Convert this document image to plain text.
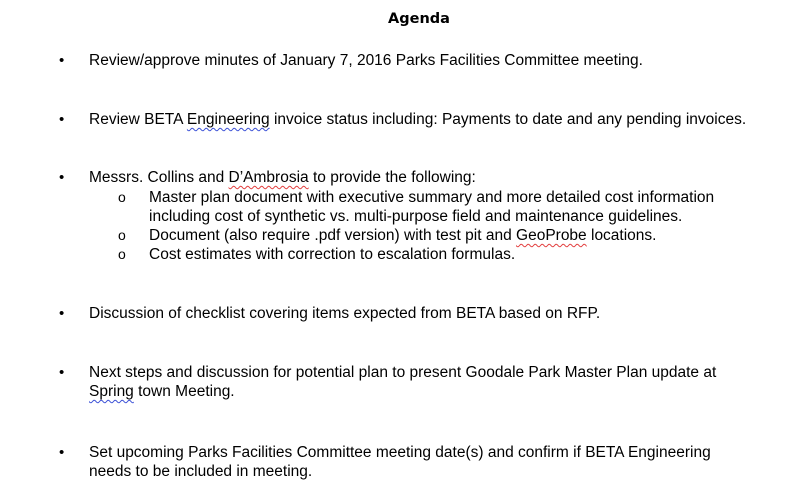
Agenda
• Review/approve minutes of January 7, 2016 Parks Facilities Committee meeting.
• Review BETA Engineering invoice status including: Payments to date and any pending invoices.
• Messrs. Collins and D’Ambrosia to provide the following:
o Master plan document with executive summary and more detailed cost information
including cost of synthetic vs. multi-purpose field and maintenance guidelines.
o Document (also require .pdf version) with test pit and GeoProbe locations.
o Cost estimates with correction to escalation formulas.
• Discussion of checklist covering items expected from BETA based on RFP.
• Next steps and discussion for potential plan to present Goodale Park Master Plan update at
Spring town Meeting.
• Set upcoming Parks Facilities Committee meeting date(s) and confirm if BETA Engineering
needs to be included in meeting.
